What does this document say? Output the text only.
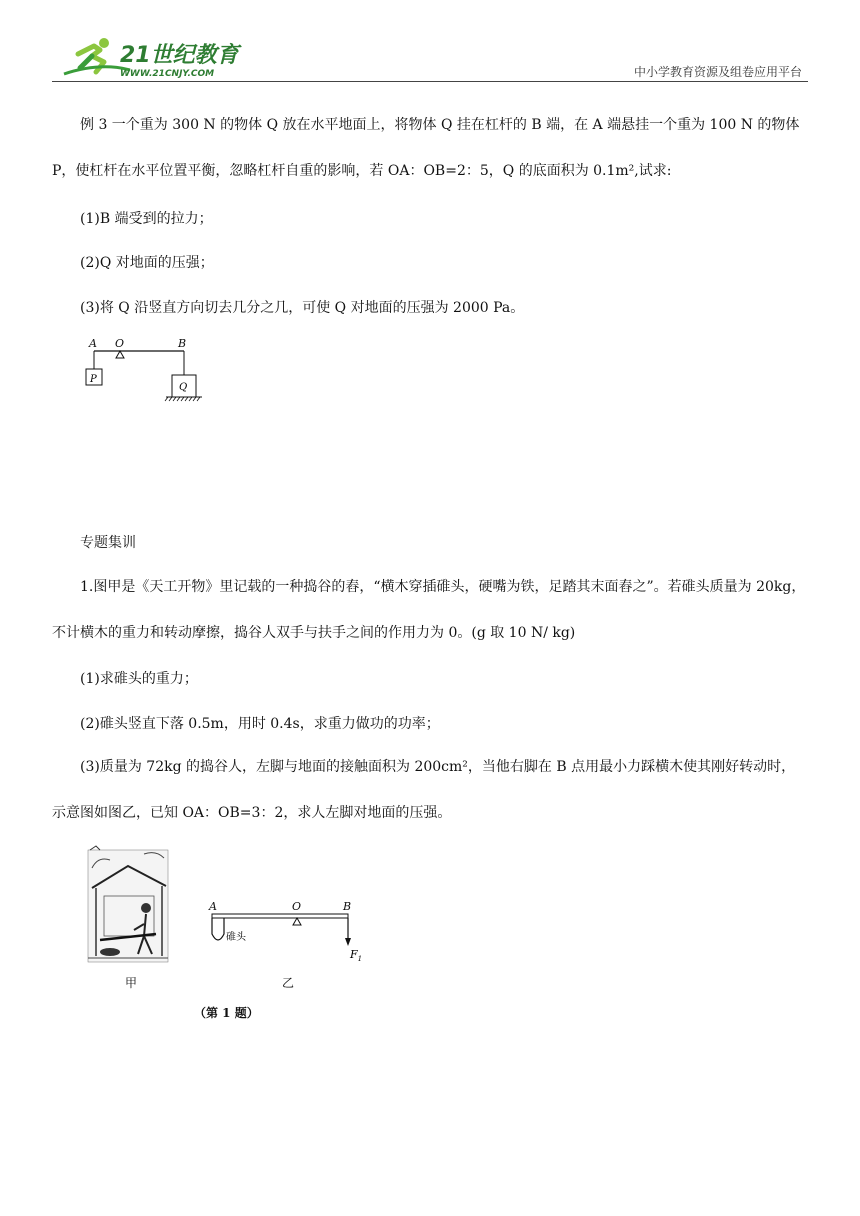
21世纪教育
WWW.21CNJY.COM	中小学教育资源及组卷应用平台

例 3 一个重为 300 N 的物体 Q 放在水平地面上，将物体 Q 挂在杠杆的 B 端，在 A 端悬挂一个重为 100 N 的物体 P，使杠杆在水平位置平衡，忽略杠杆自重的影响，若 OA：OB=2：5，Q 的底面积为 0.1m²,试求:

(1)B 端受到的拉力；

(2)Q 对地面的压强；

(3)将 Q 沿竖直方向切去几分之几，可使 Q 对地面的压强为 2000 Pa。

A O	B
P
Q

专题集训

1.图甲是《天工开物》里记载的一种捣谷的舂，“横木穿插碓头，硬嘴为铁，足踏其末面舂之”。若碓头质量为 20kg，不计横木的重力和转动摩擦，捣谷人双手与扶手之间的作用力为 0。(g 取 10 N/ kg)

(1)求碓头的重力；

(2)碓头竖直下落 0.5m，用时 0.4s，求重力做功的功率；

(3)质量为 72kg 的捣谷人，左脚与地面的接触面积为 200cm²，当他右脚在 B 点用最小力踩横木使其刚好转动时，示意图如图乙，已知 OA：OB=3：2，求人左脚对地面的压强。

甲
A	O	B
碓头
$F_1$
乙
（第 1 题）
